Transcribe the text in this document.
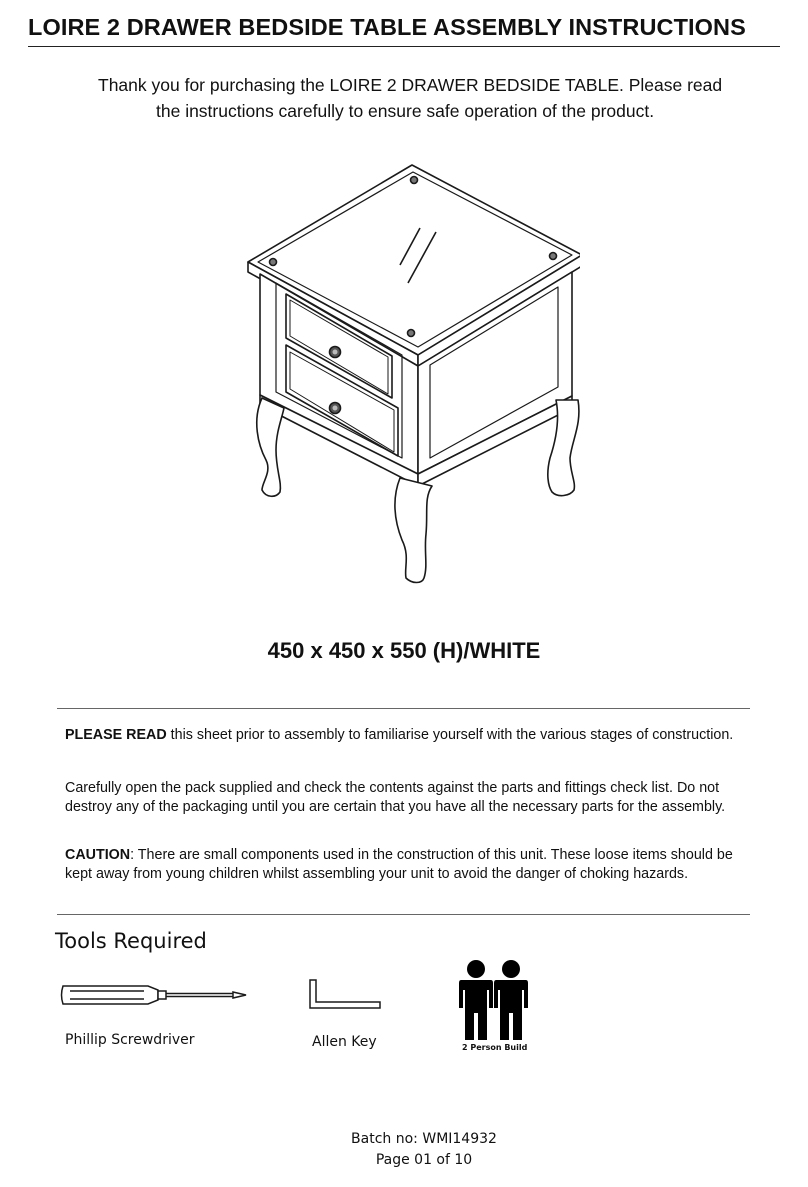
LOIRE 2 DRAWER BEDSIDE TABLE ASSEMBLY INSTRUCTIONS
Thank you for purchasing the LOIRE 2 DRAWER BEDSIDE TABLE. Please read
the instructions carefully to ensure safe operation of the product.
450 x 450 x 550 (H)/WHITE
PLEASE READ this sheet prior to assembly to familiarise yourself with the various stages of construction.
Carefully open the pack supplied and check the contents against the parts and fittings check list. Do not destroy any of the packaging until you are certain that you have all the necessary parts for the assembly.
CAUTION: There are small components used in the construction of this unit. These loose items should be kept away from young children whilst assembling your unit to avoid the danger of choking hazards.
Tools Required
Phillip Screwdriver	Allen Key	2 Person Build
Batch no: WMI14932
Page 01 of 10
